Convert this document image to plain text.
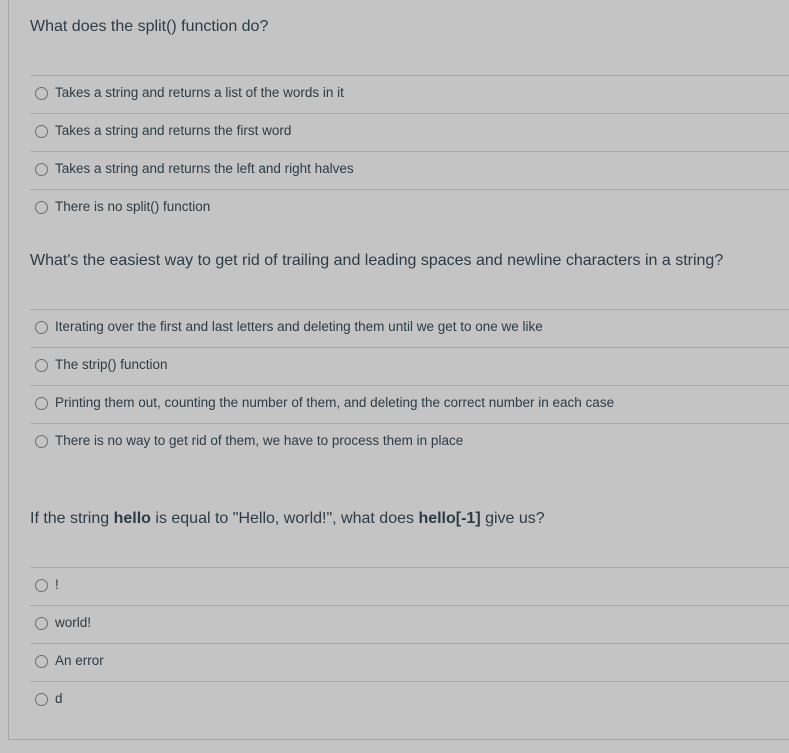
What does the split() function do?
Takes a string and returns a list of the words in it
Takes a string and returns the first word
Takes a string and returns the left and right halves
There is no split() function
What's the easiest way to get rid of trailing and leading spaces and newline characters in a string?
Iterating over the first and last letters and deleting them until we get to one we like
The strip() function
Printing them out, counting the number of them, and deleting the correct number in each case
There is no way to get rid of them, we have to process them in place
If the string hello is equal to "Hello, world!", what does hello[-1] give us?
!
world!
An error
d
